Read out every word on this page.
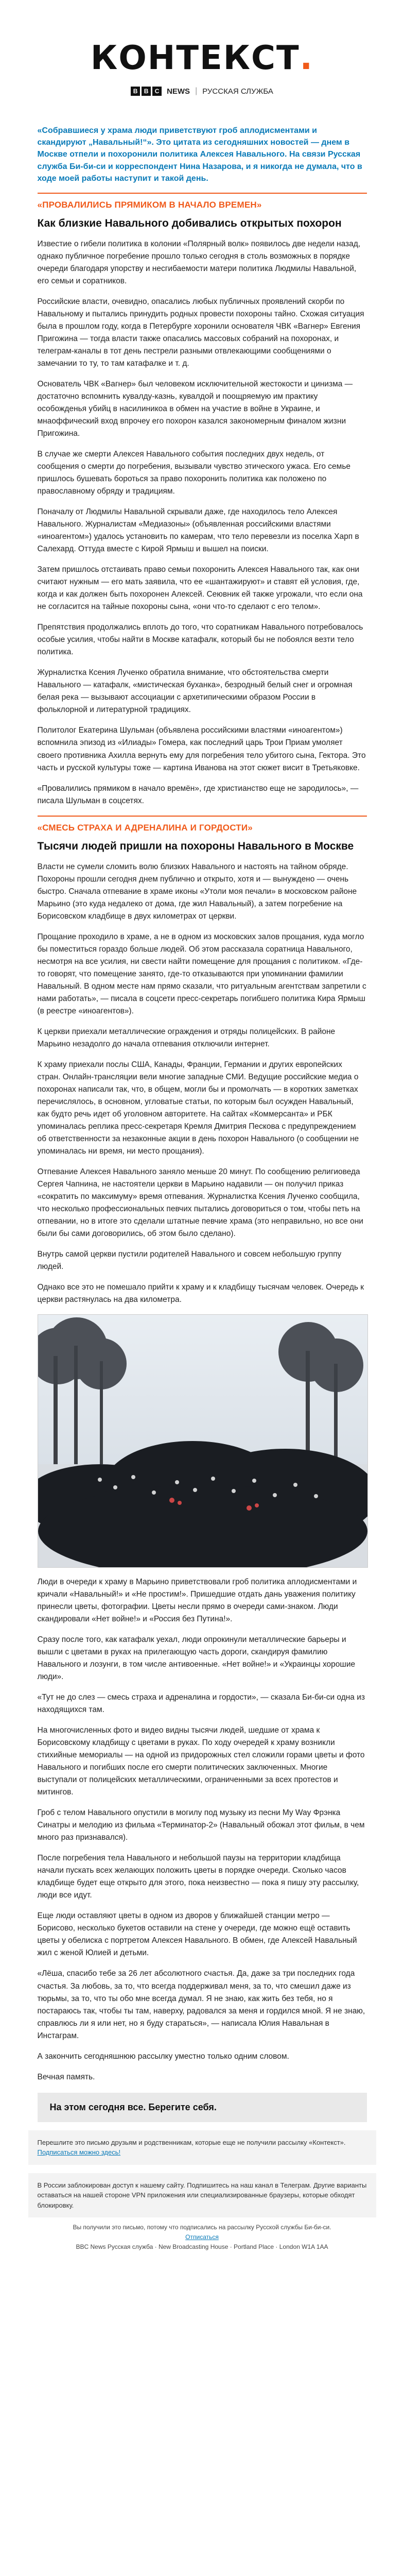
КОНТЕКСТ.
B	B	C NEWS | РУССКАЯ СЛУЖБА
«Собравшиеся у храма люди приветствуют гроб аплодисментами и скандируют „Навальный!“». Это цитата из сегодняшних новостей — днем в Москве отпели и похоронили политика Алексея Навального. На связи Русская служба Би-би-си и корреспондент Нина Назарова, и я никогда не думала, что в ходе моей работы наступит и такой день.
«ПРОВАЛИЛИСЬ ПРЯМИКОМ В НАЧАЛО ВРЕМЕН»
Как близкие Навального добивались открытых похорон

Известие о гибели политика в колонии «Полярный волк» появилось две недели назад, однако публичное погребение прошло только сегодня в столь возможных в порядке очереди благодаря упорству и несгибаемости матери политика Людмилы Навальной, его семьи и соратников.

Российские власти, очевидно, опасались любых публичных проявлений скорби по Навальному и пытались принудить родных провести похороны тайно. Схожая ситуация была в прошлом году, когда в Петербурге хоронили основателя ЧВК «Вагнер» Евгения Пригожина — тогда власти также опасались массовых собраний на похоронах, и телеграм-каналы в тот день пестрели разными отвлекающими сообщениями о замечании то ту, то там катафалке и т. д.

Основатель ЧВК «Вагнер» был человеком исключительной жестокости и цинизма — достаточно вспомнить кувалду-казнь, кувалдой и поощряемую им практику особожденья убийц в насилиникоа в обмен на участие в войне в Украине, и мнаоффический вход впрочеу его похорон казался закономерным финалом жизни Пригожина.

В случае же смерти Алексея Навального события последних двух недель, от сообщения о смерти до погребения, вызывали чувство этического ужаса. Его семье пришлось бушевать бороться за право похоронить политика как положено по православному обряду и традициям.

Поначалу от Людмилы Навальной скрывали даже, где находилось тело Алексея Навального. Журналистам «Медиазоны» (объявленная российскими властями «иноагентом») удалось установить по камерам, что тело перевезли из поселка Харп в Салехард. Оттуда вместе с Кирой Ярмыш и вышел на поиски.

Затем пришлось отстаивать право семьи похоронить Алексея Навального так, как они считают нужным — его мать заявила, что ее «шантажируют» и ставят ей условия, где, когда и как должен быть похоронен Алексей. Сеювник ей также угрожали, что если она не согласится на тайные похороны сына, «они что-то сделают с его телом».

Препятствия продолжались вплоть до того, что соратникам Навального потребовалось особые усилия, чтобы найти в Москве катафалк, который бы не побоялся везти тело политика.

Журналистка Ксения Лученко обратила внимание, что обстоятельства смерти Навального — катафалк, «мистическая буханка», безродный белый снег и огромная белая река — вызывают ассоциации с архетипическими образом России в фольклорной и литературной традициях.

Политолог Екатерина Шульман (объявлена российскими властями «иноагентом») вспомнила эпизод из «Илиады» Гомера, как последний царь Трои Приам умоляет своего противника Ахилла вернуть ему для погребения тело убитого сына, Гектора. Это часть и русской культуры тоже — картина Иванова на этот сюжет висит в Третьяковке.

«Провалились прямиком в начало времён», где христианство еще не зародилось», — писала Шульман в соцсетях.

«СМЕСЬ СТРАХА И АДРЕНАЛИНА И ГОРДОСТИ»
Тысячи людей пришли на похороны Навального в Москве

Власти не сумели сломить волю близких Навального и настоять на тайном обряде. Похороны прошли сегодня днем публично и открыто, хотя и — вынуждено — очень быстро. Сначала отпевание в храме иконы «Утоли моя печали» в московском районе Марьино (это куда недалеко от дома, где жил Навальный), а затем погребение на Борисовском кладбище в двух километрах от церкви.

Прощание проходило в храме, а не в одном из московских залов прощания, куда могло бы поместиться гораздо больше людей. Об этом рассказала соратница Навального, несмотря на все усилия, ни свести найти помещение для прощания с политиком. «Где-то говорят, что помещение занято, где-то отказываются при упоминании фамилии Навальный. В одном месте нам прямо сказали, что ритуальным агентствам запретили с нами работать», — писала в соцсети пресс-секретарь погибшего политика Кира Ярмыш (в реестре «иноагентов»).

К церкви приехали металлические ограждения и отряды полицейских. В районе Марьино незадолго до начала отпевания отключили интернет.

К храму приехали послы США, Канады, Франции, Германии и других европейских стран. Онлайн-трансляции вели многие западные СМИ. Ведущие российские медиа о похоронах написали так, что, в общем, могли бы и промолчать — в коротких заметках перечислялось, в основном, угловатые статьи, по которым был осужден Навальный, как будто речь идет об уголовном авторитете. На сайтах «Коммерсанта» и РБК упоминалась реплика пресс-секретаря Кремля Дмитрия Пескова с предупреждением об ответственности за незаконные акции в день похорон Навального (о сообщении не упоминалась ни время, ни место прощания).

Отпевание Алексея Навального заняло меньше 20 минут. По сообщению религиоведа Сергея Чапнина, не настоятели церкви в Марьино надавили — он получил приказ «сократить по максимуму» время отпевания. Журналистка Ксения Лученко сообщила, что несколько профессиональных певчих пытались договориться о том, чтобы петь на отпевании, но в итоге это сделали штатные певчие храма (это неправильно, но все они были бы сами договорились, об этом было сделано).

Внутрь самой церкви пустили родителей Навального и совсем небольшую группу людей.

Однако все это не помешало прийти к храму и к кладбищу тысячам человек. Очередь к церкви растянулась на два километра.

Люди в очереди к храму в Марьино приветствовали гроб политика аплодисментами и кричали «Навальный!» и «Не простим!». Пришедшие отдать дань уважения политику принесли цветы, фотографии. Цветы несли прямо в очереди сами-знаком. Люди скандировали «Нет войне!» и «Россия без Путина!».

Сразу после того, как катафалк уехал, люди опрокинули металлические барьеры и вышли с цветами в руках на прилегающую часть дороги, скандируя фамилию Навального и лозунги, в том числе антивоенные. «Нет войне!» и «Украинцы хорошие люди».

«Тут не до слез — смесь страха и адреналина и гордости», — сказала Би-би-си одна из находящихся там.

На многочисленных фото и видео видны тысячи людей, шедшие от храма к Борисовскому кладбищу с цветами в руках. По ходу очередей к храму возникли стихийные мемориалы — на одной из придорожных стел сложили горами цветы и фото Навального и погибших после его смерти политических заключенных. Многие выступали от полицейских металлическими, ограниченными за всех протестов и митингов.

Гроб с телом Навального опустили в могилу под музыку из песни My Way Фрэнка Синатры и мелодию из фильма «Терминатор-2» (Навальный обожал этот фильм, в чем много раз признавался).

После погребения тела Навального и небольшой паузы на территории кладбища начали пускать всех желающих положить цветы в порядке очереди. Сколько часов кладбище будет еще открыто для этого, пока неизвестно — пока я пишу эту рассылку, люди все идут.

Еще люди оставляют цветы в одном из дворов у ближайшей станции метро — Борисово, несколько букетов оставили на стене у очереди, где можно ещё оставить цветы у обелиска с портретом Алексея Навального. В обмен, где Алексей Навальный жил с женой Юлией и детьми.

«Лёша, спасибо тебе за 26 лет абсолютного счастья. Да, даже за три последних года счастья. За любовь, за то, что всегда поддерживал меня, за то, что смешил даже из тюрьмы, за то, что ты обо мне всегда думал. Я не знаю, как жить без тебя, но я постараюсь так, чтобы ты там, наверху, радовался за меня и гордился мной. Я не знаю, справлюсь ли я или нет, но я буду стараться», — написала Юлия Навальная в Инстаграм.

А закончить сегодняшнюю рассылку уместно только одним словом.

Вечная память.

На этом сегодня все. Берегите себя.
Перешлите это письмо друзьям и родственникам, которые еще не получили рассылку «Контекст».
Подписаться можно здесь!
В России заблокирован доступ к нашему сайту. Подпишитесь на наш канал в Телеграм. Другие варианты оставаться на нашей стороне VPN приложения или специализированные браузеры, которые обходят блокировку.
Вы получили это письмо, потому что подписались на рассылку Русской службы Би-би-си.
Отписаться
BBC News Русская служба · New Broadcasting House · Portland Place · London W1A 1AA
